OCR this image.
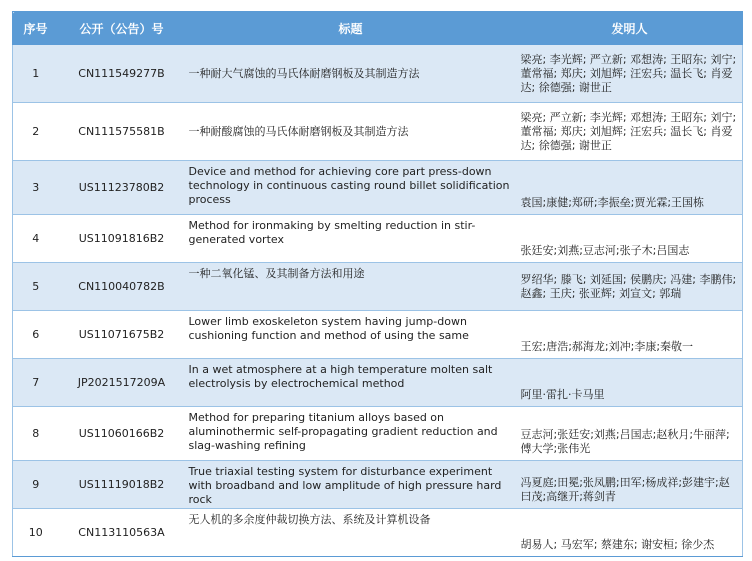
序号	公开（公告）号	标题	发明人
1	CN111549277B	一种耐大气腐蚀的马氏体耐磨钢板及其制造方法	梁亮; 李光辉; 严立新; 邓想涛; 王昭东; 刘宁; 董常福; 郑庆; 刘旭辉; 汪宏兵; 温长飞; 肖爱达; 徐德强; 谢世正
2	CN111575581B	一种耐酸腐蚀的马氏体耐磨钢板及其制造方法	梁亮; 严立新; 李光辉; 邓想涛; 王昭东; 刘宁; 董常福; 郑庆; 刘旭辉; 汪宏兵; 温长飞; 肖爱达; 徐德强; 谢世正
3	US11123780B2	Device and method for achieving core part press-down technology in continuous casting round billet solidification process	袁国;康健;郑研;李振垒;贾光霖;王国栋
4	US11091816B2	Method for ironmaking by smelting reduction in stir-generated vortex	张廷安;刘燕;豆志河;张子木;吕国志
5	CN110040782B	一种二氧化锰、及其制备方法和用途	罗绍华; 滕飞; 刘延国; 侯鹏庆; 冯建; 李鹏伟; 赵鑫; 王庆; 张亚辉; 刘宣文; 郭瑞
6	US11071675B2	Lower limb exoskeleton system having jump-down cushioning function and method of using the same	王宏;唐浩;郝海龙;刘冲;李康;秦敬一
7	JP2021517209A	In a wet atmosphere at a high temperature molten salt electrolysis by electrochemical method	阿里·雷扎·卡马里
8	US11060166B2	Method for preparing titanium alloys based on aluminothermic self-propagating gradient reduction and slag-washing refining	豆志河;张廷安;刘燕;吕国志;赵秋月;牛丽萍;傅大学;张伟光
9	US11119018B2	True triaxial testing system for disturbance experiment with broadband and low amplitude of high pressure hard rock	冯夏庭;田冕;张凤鹏;田军;杨成祥;彭建宇;赵曰茂;高继开;蒋剑青
10	CN113110563A	无人机的多余度仲裁切换方法、系统及计算机设备	胡易人; 马宏军; 蔡建东; 谢安桓; 徐少杰
